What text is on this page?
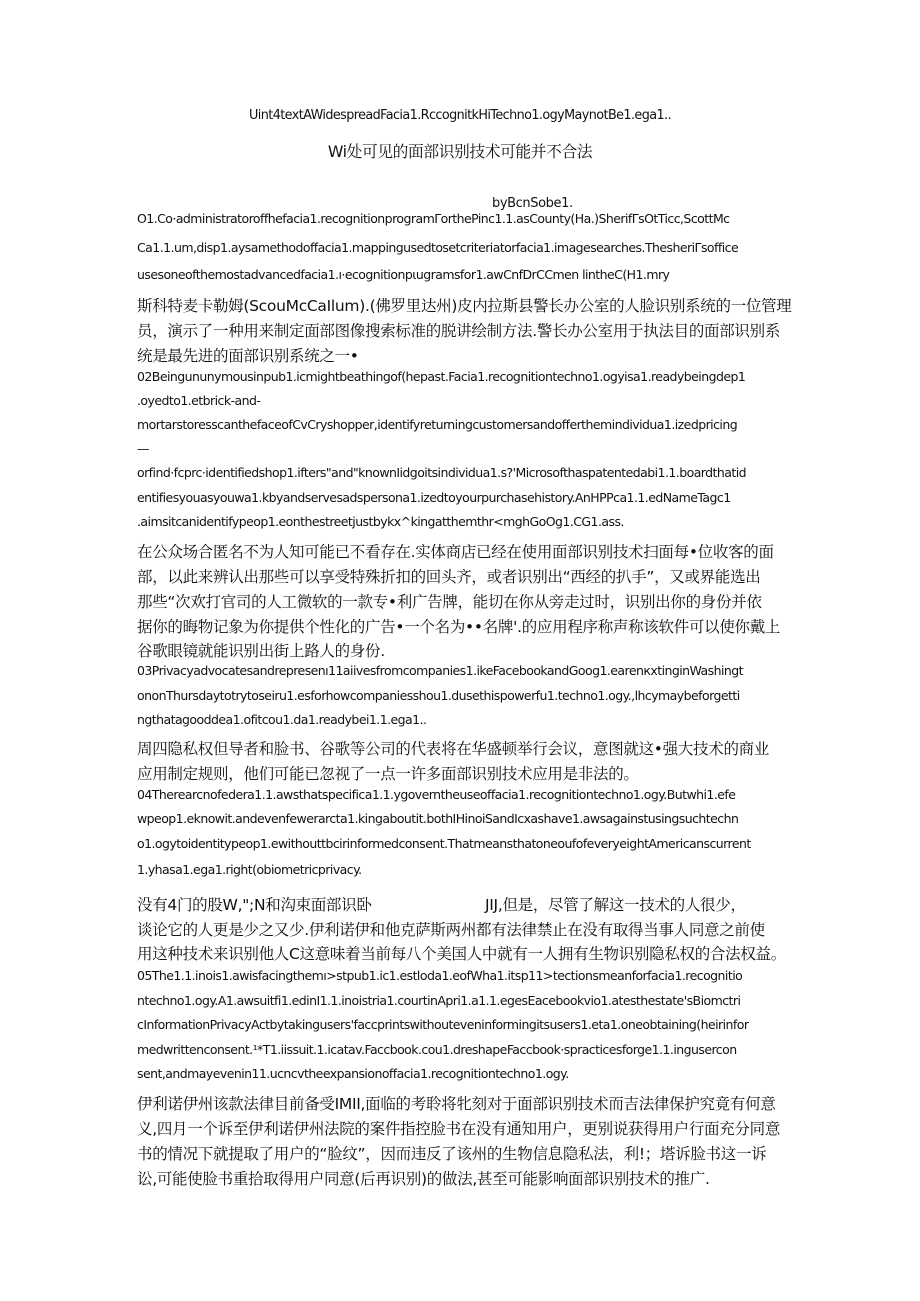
Uint4textAWidespreadFacia1.RccognitkHiTechno1.ogyMaynotBe1.ega1..
Wi处可见的面部识别技术可能并不合法
byBcnSobe1.
O1.Co·administratoroffhefacia1.recognitionprogramΓorthePinc1.1.asCounty(Ha.)SherifΓsOtTicc,ScottMc
Ca1.1.um,disp1.aysamethodoffacia1.mappingusedtosetcriteriatorfacia1.imagesearches.ThesheriΓsoffice
usesoneofthemostadvancedfacia1.ı·ecognitionpιugramsfor1.awCnfDrCCmen lintheC(H1.mry
斯科特麦卡勒姆(ScouMcCaIlum).(佛罗里达州)皮内拉斯县警长办公室的人脸识别系统的一位管理
员，演示了一种用来制定面部图像搜索标准的脱讲绘制方法.警长办公室用于执法目的面部识别系
统是最先进的面部识别系统之一•
02Beingununymousinpub1.icmightbeathingof(hepast.Facia1.recognitiontechno1.ogyisa1.readybeingdep1
.oyedto1.etbrick-and-
mortarstoresscanthefaceofCvCryshopper,identifyreturningcustomersandofferthemindividua1.izedpricing
—
orfind·fcprc·identifiedshop1.ifters"and"knownIidgoitsindividua1.s?'Microsofthaspatentedabi1.1.boardthatid
entifiesyouasyouwa1.kbyandservesadspersona1.izedtoyourpurchasehistory.AnHPPca1.1.edNameTagc1
.aimsitcanidentifypeop1.eonthestreetjustbykx^kingatthemthr<mghGoOg1.CG1.ass.
在公众场合匿名不为人知可能已不看存在.实体商店已经在使用面部识别技术扫面每•位收客的面
部，以此来辨认出那些可以享受特殊折扣的回头齐，或者识别出“西经的扒手”，又或界能选出
那些“次欢打官司的人工微软的一款专•利广告牌，能切在你从旁走过时，识别出你的身份并依
据你的晦物记象为你提供个性化的广告•一个名为••名牌'.的应用程序称声称该软件可以使你戴上
谷歌眼镜就能识别出街上路人的身份.
03Privacyadvocatesandrepresenı11aiivesfromcompanies1.ikeFacebookandGoog1.earenкxtinginWashingt
ononThursdaytotrytoseiru1.esforhowcompaniesshou1.dusethispowerfu1.techno1.ogy.,lhcymaybeforgetti
ngthatagooddea1.ofitcou1.da1.readybei1.1.ega1..
周四隐私权但导者和脸书、谷歌等公司的代表将在华盛顿举行会议，意图就这•强大技术的商业
应用制定规则，他们可能已忽视了一点一许多面部识别技术应用是非法的。
04Therearcnofedera1.1.awsthatspecifica1.1.ygoverntheuseoffacia1.recognitiontechno1.ogy.Butwhi1.efe
wpeop1.eknowit.andevenfewerarcta1.kingaboutit.bothIHinoiSandIcxashave1.awsagainstusingsuchtechn
o1.ogytoidentitypeop1.ewithouttbcirinformedconsent.ThatmeansthatoneoufofeveryeightAmericanscurrent
1.yhasa1.ega1.right(obiometricprivacy.
没有4门的股W,";N和沟束面部识卧	JIJ,但是，尽管了解这一技术的人很少，
谈论它的人更是少之又少.伊利诺伊和他克萨斯两州都有法律禁止在没有取得当事人同意之前使
用这种技术来识别他人C这意味着当前每八个美国人中就有一人拥有生物识别隐私权的合法权益。
05The1.1.inois1.awisfacingthemı>stpub1.ic1.estloda1.eofWha1.itsp11>tectionsmeanforfacia1.recognitio
ntechno1.ogy.A1.awsuitfi1.edinI1.1.inoistria1.courtinApri1.a1.1.egesEacebookvio1.atesthestate'sBiomctri
cInformationPrivacyActbytakingusers'faccprintswithouteveninformingitsusers1.eta1.oneobtaining(heirinfor
medwrittenconsent.¹*T1.iissuit.1.icatav.Faccbook.cou1.dreshapeFaccbook·spracticesforge1.1.ingusercon
sent,andmayevenin11.ucncvtheexpansionoffacia1.recognitiontechno1.ogy.
伊利诺伊州该款法律目前备受IMII,面临的考聆将牝刻对于面部识别技术而吉法律保护究竟有何意
义,四月一个诉至伊利诺伊州法院的案件指控脸书在没有通知用户，更别说获得用户行面充分同意
书的情况下就提取了用户的“脸纹”，因而违反了该州的生物信息隐私法，利!；塔诉脸书这一诉
讼,可能使脸书重拾取得用户同意(后再识别)的做法,甚至可能影响面部识别技术的推广.
